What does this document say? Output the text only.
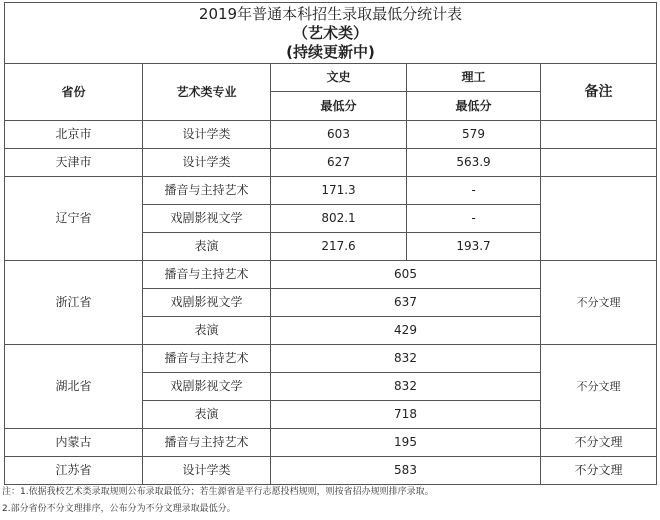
2019年普通本科招生录取最低分统计表
（艺术类）
(持续更新中)				

省份	艺术类专业	文史	理工	备注
		最低分	最低分	
北京市	设计学类	603	579	
天津市	设计学类	627	563.9	
辽宁省	播音与主持艺术	171.3	-	
	戏剧影视文学	802.1	-	
	表演	217.6	193.7	
浙江省	播音与主持艺术	605		不分文理
	戏剧影视文学	637		
	表演	429		
湖北省	播音与主持艺术	832		不分文理
	戏剧影视文学	832		
	表演	718		
内蒙古	播音与主持艺术	195		不分文理
江苏省	设计学类	583		不分文理
注：1.依据我校艺术类录取规则公布录取最低分；若生源省是平行志愿投档规则，则按省招办规则排序录取。
2.部分省份不分文理排序，公布分为不分文理录取最低分。
